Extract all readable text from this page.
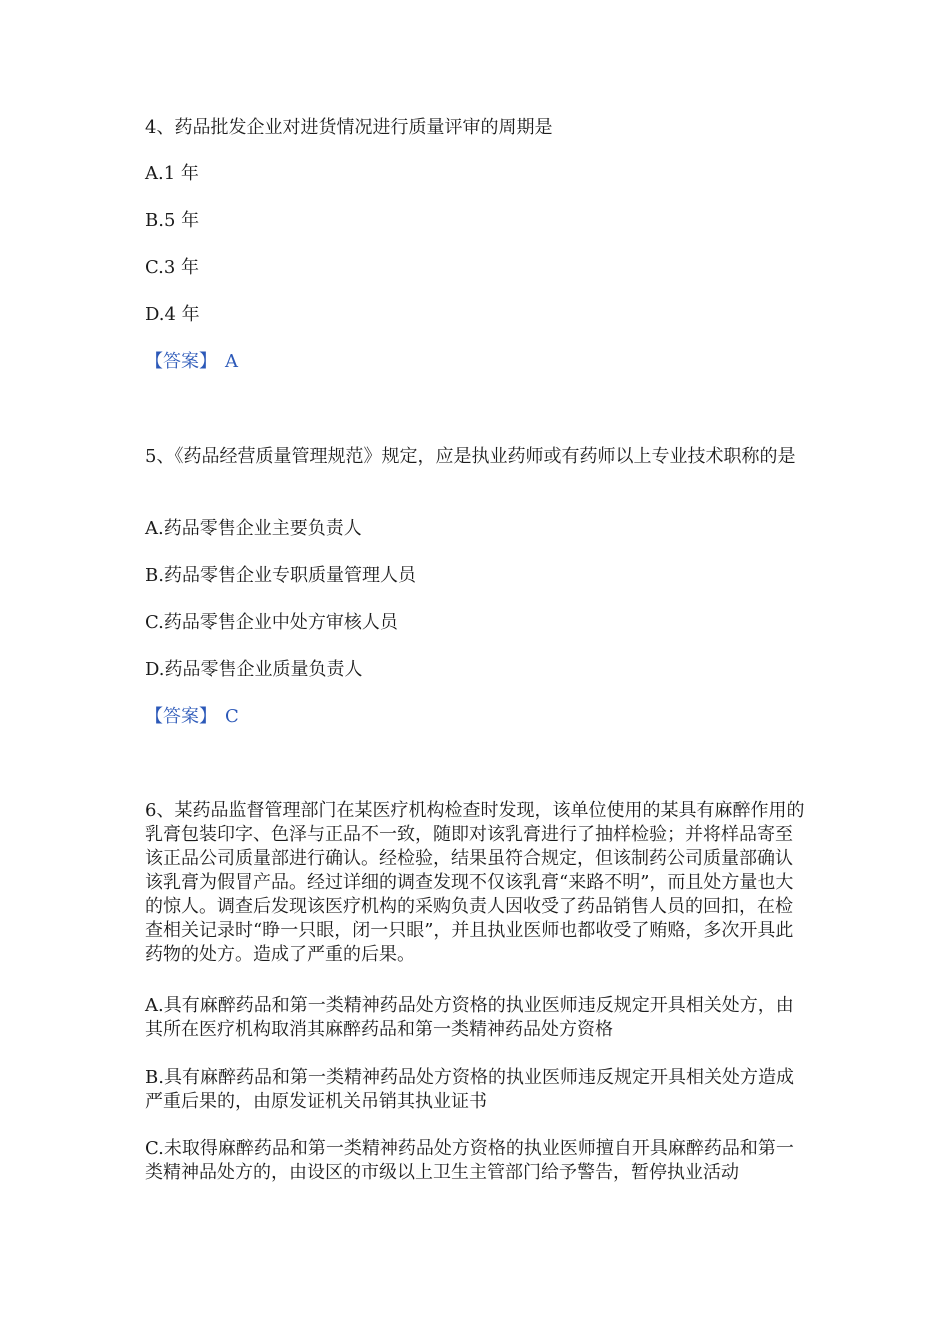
4、药品批发企业对进货情况进行质量评审的周期是
A.1 年
B.5 年
C.3 年
D.4 年
【答案】 A
5、《药品经营质量管理规范》规定，应是执业药师或有药师以上专业技术职称的是
A.药品零售企业主要负责人
B.药品零售企业专职质量管理人员
C.药品零售企业中处方审核人员
D.药品零售企业质量负责人
【答案】 C
6、某药品监督管理部门在某医疗机构检查时发现，该单位使用的某具有麻醉作用的乳膏包装印字、色泽与正品不一致，随即对该乳膏进行了抽样检验；并将样品寄至该正品公司质量部进行确认。经检验，结果虽符合规定，但该制药公司质量部确认该乳膏为假冒产品。经过详细的调查发现不仅该乳膏“来路不明”，而且处方量也大的惊人。调查后发现该医疗机构的采购负责人因收受了药品销售人员的回扣，在检查相关记录时“睁一只眼，闭一只眼”，并且执业医师也都收受了贿赂，多次开具此药物的处方。造成了严重的后果。
A.具有麻醉药品和第一类精神药品处方资格的执业医师违反规定开具相关处方，由其所在医疗机构取消其麻醉药品和第一类精神药品处方资格
B.具有麻醉药品和第一类精神药品处方资格的执业医师违反规定开具相关处方造成严重后果的，由原发证机关吊销其执业证书
C.未取得麻醉药品和第一类精神药品处方资格的执业医师擅自开具麻醉药品和第一类精神品处方的，由设区的市级以上卫生主管部门给予警告，暂停执业活动
